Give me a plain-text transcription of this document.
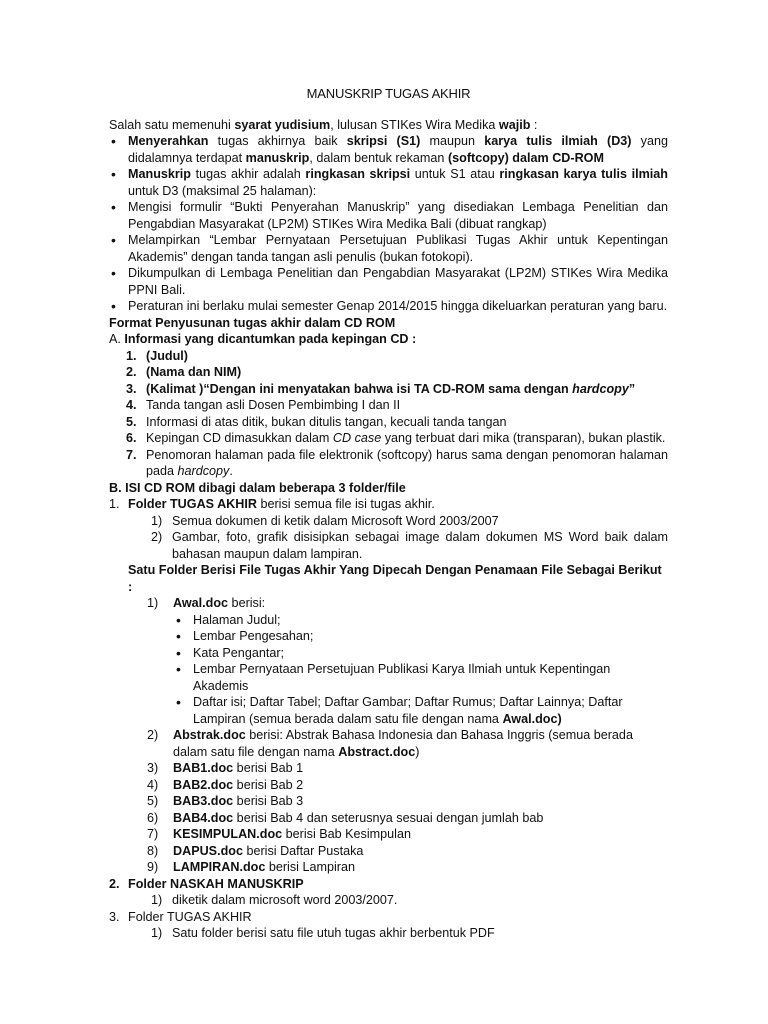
MANUSKRIP TUGAS AKHIR

Salah satu memenuhi syarat yudisium, lulusan STIKes Wira Medika wajib :

• Menyerahkan tugas akhirnya baik skripsi (S1) maupun karya tulis ilmiah (D3) yang didalamnya terdapat manuskrip, dalam bentuk rekaman (softcopy) dalam CD-ROM
• Manuskrip tugas akhir adalah ringkasan skripsi untuk S1 atau ringkasan karya tulis ilmiah untuk D3 (maksimal 25 halaman):
• Mengisi formulir “Bukti Penyerahan Manuskrip” yang disediakan Lembaga Penelitian dan Pengabdian Masyarakat (LP2M) STIKes Wira Medika Bali (dibuat rangkap)
• Melampirkan “Lembar Pernyataan Persetujuan Publikasi Tugas Akhir untuk Kepentingan Akademis” dengan tanda tangan asli penulis (bukan fotokopi).
• Dikumpulkan di Lembaga Penelitian dan Pengabdian Masyarakat (LP2M) STIKes Wira Medika PPNI Bali.
• Peraturan ini berlaku mulai semester Genap 2014/2015 hingga dikeluarkan peraturan yang baru.

Format Penyusunan tugas akhir dalam CD ROM

A. Informasi yang dicantumkan pada kepingan CD :

1. (Judul)
2. (Nama dan NIM)
3. (Kalimat )“Dengan ini menyatakan bahwa isi TA CD-ROM sama dengan hardcopy”
4. Tanda tangan asli Dosen Pembimbing I dan II
5. Informasi di atas ditik, bukan ditulis tangan, kecuali tanda tangan
6. Kepingan CD dimasukkan dalam CD case yang terbuat dari mika (transparan), bukan plastik.
7. Penomoran halaman pada file elektronik (softcopy) harus sama dengan penomoran halaman pada hardcopy.

B. ISI CD ROM dibagi dalam beberapa 3 folder/file

1. Folder TUGAS AKHIR berisi semua file isi tugas akhir.
1) Semua dokumen di ketik dalam Microsoft Word 2003/2007
2) Gambar, foto, grafik disisipkan sebagai image dalam dokumen MS Word baik dalam bahasan maupun dalam lampiran.

Satu Folder Berisi File Tugas Akhir Yang Dipecah Dengan Penamaan File Sebagai Berikut :

1) Awal.doc berisi:
• Halaman Judul;
• Lembar Pengesahan;
• Kata Pengantar;
• Lembar Pernyataan Persetujuan Publikasi Karya Ilmiah untuk Kepentingan Akademis
• Daftar isi; Daftar Tabel; Daftar Gambar; Daftar Rumus; Daftar Lainnya; Daftar Lampiran (semua berada dalam satu file dengan nama Awal.doc)
2) Abstrak.doc berisi: Abstrak Bahasa Indonesia dan Bahasa Inggris (semua berada dalam satu file dengan nama Abstract.doc)
3) BAB1.doc berisi Bab 1
4) BAB2.doc berisi Bab 2
5) BAB3.doc berisi Bab 3
6) BAB4.doc berisi Bab 4 dan seterusnya sesuai dengan jumlah bab
7) KESIMPULAN.doc berisi Bab Kesimpulan
8) DAPUS.doc berisi Daftar Pustaka
9) LAMPIRAN.doc berisi Lampiran
2. Folder NASKAH MANUSKRIP
1) diketik dalam microsoft word 2003/2007.
3. Folder TUGAS AKHIR
1) Satu folder berisi satu file utuh tugas akhir berbentuk PDF
